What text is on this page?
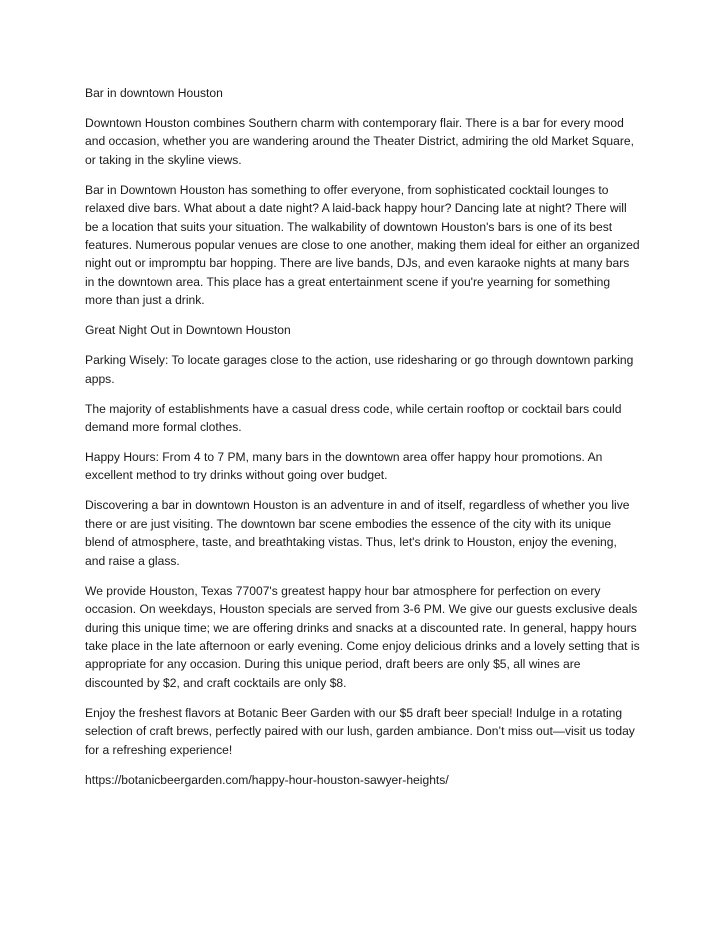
Bar in downtown Houston

Downtown Houston combines Southern charm with contemporary flair. There is a bar for every mood and occasion, whether you are wandering around the Theater District, admiring the old Market Square, or taking in the skyline views.

Bar in Downtown Houston has something to offer everyone, from sophisticated cocktail lounges to relaxed dive bars. What about a date night? A laid-back happy hour? Dancing late at night? There will be a location that suits your situation. The walkability of downtown Houston's bars is one of its best features. Numerous popular venues are close to one another, making them ideal for either an organized night out or impromptu bar hopping. There are live bands, DJs, and even karaoke nights at many bars in the downtown area. This place has a great entertainment scene if you're yearning for something more than just a drink.

Great Night Out in Downtown Houston

Parking Wisely: To locate garages close to the action, use ridesharing or go through downtown parking apps.

The majority of establishments have a casual dress code, while certain rooftop or cocktail bars could demand more formal clothes.

Happy Hours: From 4 to 7 PM, many bars in the downtown area offer happy hour promotions. An excellent method to try drinks without going over budget.

Discovering a bar in downtown Houston is an adventure in and of itself, regardless of whether you live there or are just visiting. The downtown bar scene embodies the essence of the city with its unique blend of atmosphere, taste, and breathtaking vistas. Thus, let's drink to Houston, enjoy the evening, and raise a glass.

We provide Houston, Texas 77007's greatest happy hour bar atmosphere for perfection on every occasion. On weekdays, Houston specials are served from 3-6 PM. We give our guests exclusive deals during this unique time; we are offering drinks and snacks at a discounted rate. In general, happy hours take place in the late afternoon or early evening. Come enjoy delicious drinks and a lovely setting that is appropriate for any occasion. During this unique period, draft beers are only $5, all wines are discounted by $2, and craft cocktails are only $8.

Enjoy the freshest flavors at Botanic Beer Garden with our $5 draft beer special! Indulge in a rotating selection of craft brews, perfectly paired with our lush, garden ambiance. Don’t miss out—visit us today for a refreshing experience!

https://botanicbeergarden.com/happy-hour-houston-sawyer-heights/
